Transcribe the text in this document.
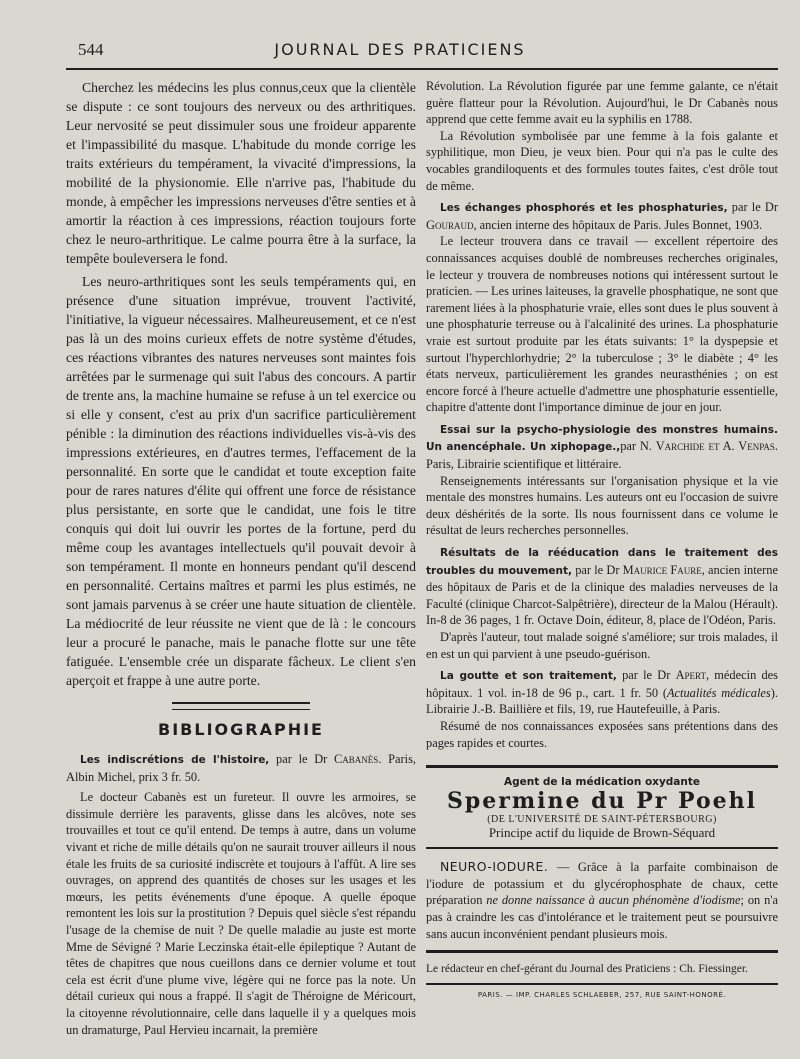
544	JOURNAL DES PRATICIENS

Cherchez les médecins les plus connus,ceux que la clientèle se dispute : ce sont toujours des nerveux ou des arthritiques. Leur nervosité se peut dissimuler sous une froideur apparente et l'impassibilité du masque. L'habitude du monde corrige les traits extérieurs du tempérament, la vivacité d'impressions, la mobilité de la physionomie. Elle n'arrive pas, l'habitude du monde, à empêcher les impressions nerveuses d'être senties et à amortir la réaction à ces impressions, réaction toujours forte chez le neuro-arthritique. Le calme pourra être à la surface, la tempête bouleversera le fond.

Les neuro-arthritiques sont les seuls tempéraments qui, en présence d'une situation imprévue, trouvent l'activité, l'initiative, la vigueur nécessaires. Malheureusement, et ce n'est pas là un des moins curieux effets de notre système d'études, ces réactions vibrantes des natures nerveuses sont maintes fois arrêtées par le surmenage qui suit l'abus des concours. A partir de trente ans, la machine humaine se refuse à un tel exercice ou si elle y consent, c'est au prix d'un sacrifice particulièrement pénible : la diminution des réactions individuelles vis-à-vis des impressions extérieures, en d'autres termes, l'effacement de la personnalité. En sorte que le candidat et toute exception faite pour de rares natures d'élite qui offrent une force de résistance plus persistante, en sorte que le candidat, une fois le titre conquis qui doit lui ouvrir les portes de la fortune, perd du même coup les avantages intellectuels qu'il pouvait devoir à son tempérament. Il monte en honneurs pendant qu'il descend en personnalité. Certains maîtres et parmi les plus estimés, ne sont jamais parvenus à se créer une haute situation de clientèle. La médiocrité de leur réussite ne vient que de là : le concours leur a procuré le panache, mais le panache flotte sur une tête fatiguée. L'ensemble crée un disparate fâcheux. Le client s'en aperçoit et frappe à une autre porte.

BIBLIOGRAPHIE

Les indiscrétions de l'histoire, par le Dr Cabanès. Paris, Albin Michel, prix 3 fr. 50.

Le docteur Cabanès est un fureteur. Il ouvre les armoires, se dissimule derrière les paravents, glisse dans les alcôves, note ses trouvailles et tout ce qu'il entend. De temps à autre, dans un volume vivant et riche de mille détails qu'on ne saurait trouver ailleurs il nous étale les fruits de sa curiosité indiscrète et toujours à l'affût. A lire ses ouvrages, on apprend des quantités de choses sur les usages et les mœurs, les petits événements d'une époque. A quelle époque remontent les lois sur la prostitution ? Depuis quel siècle s'est répandu l'usage de la chemise de nuit ? De quelle maladie au juste est morte Mme de Sévigné ? Marie Leczinska était-elle épileptique ? Autant de têtes de chapitres que nous cueillons dans ce dernier volume et tout cela est écrit d'une plume vive, légère qui ne force pas la note. Un détail curieux qui nous a frappé. Il s'agit de Théroigne de Méricourt, la citoyenne révolutionnaire, celle dans laquelle il y a quelques mois un dramaturge, Paul Hervieu incarnait, la première

Révolution. La Révolution figurée par une femme galante, ce n'était guère flatteur pour la Révolution. Aujourd'hui, le Dr Cabanès nous apprend que cette femme avait eu la syphilis en 1788.

La Révolution symbolisée par une femme à la fois galante et syphilitique, mon Dieu, je veux bien. Pour qui n'a pas le culte des vocables grandiloquents et des formules toutes faites, c'est drôle tout de même.

Les échanges phosphorés et les phosphaturies, par le Dr Gouraud, ancien interne des hôpitaux de Paris. Jules Bonnet, 1903.

Le lecteur trouvera dans ce travail — excellent répertoire des connaissances acquises doublé de nombreuses recherches originales, le lecteur y trouvera de nombreuses notions qui intéressent surtout le praticien. — Les urines laiteuses, la gravelle phosphatique, ne sont que rarement liées à la phosphaturie vraie, elles sont dues le plus souvent à une phosphaturie terreuse ou à l'alcalinité des urines. La phosphaturie vraie est surtout produite par les états suivants: 1° la dyspepsie et surtout l'hyperchlorhydrie; 2° la tuberculose ; 3° le diabète ; 4° les états nerveux, particulièrement les grandes neurasthénies ; on est encore forcé à l'heure actuelle d'admettre une phosphaturie essentielle, chapitre d'attente dont l'importance diminue de jour en jour.

Essai sur la psycho-physiologie des monstres humains. Un anencéphale. Un xiphopage.,par N. Varchide et A. Venpas. Paris, Librairie scientifique et littéraire.

Renseignements intéressants sur l'organisation physique et la vie mentale des monstres humains. Les auteurs ont eu l'occasion de suivre deux déshérités de la sorte. Ils nous fournissent dans ce volume le résultat de leurs recherches personnelles.

Résultats de la rééducation dans le traitement des troubles du mouvement, par le Dr Maurice Faure, ancien interne des hôpitaux de Paris et de la clinique des maladies nerveuses de la Faculté (clinique Charcot-Salpêtrière), directeur de la Malou (Hérault). In-8 de 36 pages, 1 fr. Octave Doin, éditeur, 8, place de l'Odéon, Paris.

D'après l'auteur, tout malade soigné s'améliore; sur trois malades, il en est un qui parvient à une pseudo-guérison.

La goutte et son traitement, par le Dr Apert, médecin des hôpitaux. 1 vol. in-18 de 96 p., cart. 1 fr. 50 (Actualités médicales). Librairie J.-B. Baillière et fils, 19, rue Hautefeuille, à Paris.

Résumé de nos connaissances exposées sans prétentions dans des pages rapides et courtes.

Agent de la médication oxydante
Spermine du Pr Poehl
(DE L'UNIVERSITÉ DE SAINT-PÉTERSBOURG)
Principe actif du liquide de Brown-Séquard

NEURO-IODURE. — Grâce à la parfaite combinaison de l'iodure de potassium et du glycérophosphate de chaux, cette préparation ne donne naissance à aucun phénomène d'iodisme; on n'a pas à craindre les cas d'intolérance et le traitement peut se poursuivre sans aucun inconvénient pendant plusieurs mois.

Le rédacteur en chef-gérant du Journal des Praticiens : Ch. Fiessinger.
PARIS. — IMP. CHARLES SCHLAEBER, 257, RUE SAINT-HONORÉ.
